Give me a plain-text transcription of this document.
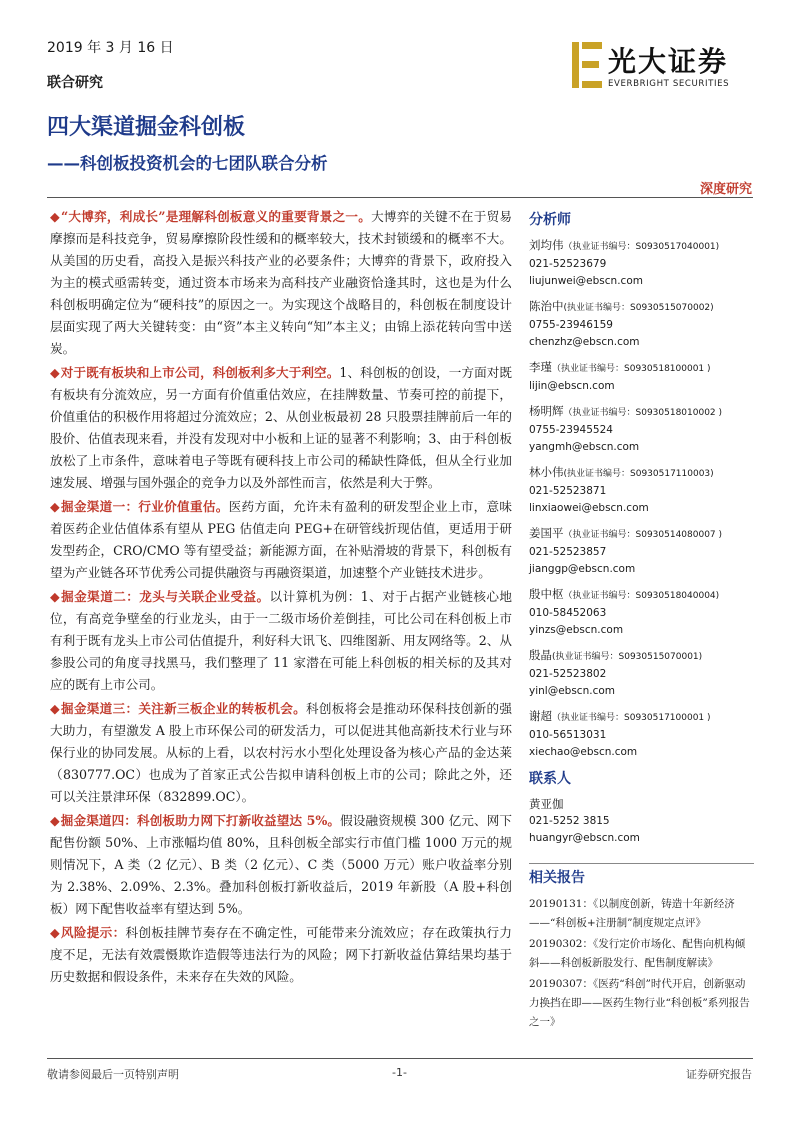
2019 年 3 月 16 日
联合研究
光大证券
EVERBRIGHT SECURITIES
四大渠道掘金科创板
——科创板投资机会的七团队联合分析
深度研究

◆“大博弈，利成长”是理解科创板意义的重要背景之一。大博弈的关键不在于贸易摩擦而是科技竞争，贸易摩擦阶段性缓和的概率较大，技术封锁缓和的概率不大。从美国的历史看，高投入是振兴科技产业的必要条件；大博弈的背景下，政府投入为主的模式亟需转变，通过资本市场来为高科技产业融资恰逢其时，这也是为什么科创板明确定位为“硬科技”的原因之一。为实现这个战略目的，科创板在制度设计层面实现了两大关键转变：由“资”本主义转向“知”本主义；由锦上添花转向雪中送炭。

◆对于既有板块和上市公司，科创板利多大于利空。1、科创板的创设，一方面对既有板块有分流效应，另一方面有价值重估效应，在挂牌数量、节奏可控的前提下，价值重估的积极作用将超过分流效应；2、从创业板最初 28 只股票挂牌前后一年的股价、估值表现来看，并没有发现对中小板和上证的显著不利影响；3、由于科创板放松了上市条件，意味着电子等既有硬科技上市公司的稀缺性降低，但从全行业加速发展、增强与国外强企的竞争力以及外部性而言，依然是利大于弊。

◆掘金渠道一：行业价值重估。医药方面，允许未有盈利的研发型企业上市，意味着医药企业估值体系有望从 PEG 估值走向 PEG+在研管线折现估值，更适用于研发型药企，CRO/CMO 等有望受益；新能源方面，在补贴滑坡的背景下，科创板有望为产业链各环节优秀公司提供融资与再融资渠道，加速整个产业链技术进步。

◆掘金渠道二：龙头与关联企业受益。以计算机为例：1、对于占据产业链核心地位，有高竞争壁垒的行业龙头，由于一二级市场价差倒挂，可比公司在科创板上市有利于既有龙头上市公司估值提升，利好科大讯飞、四维图新、用友网络等。2、从参股公司的角度寻找黑马，我们整理了 11 家潜在可能上科创板的相关标的及其对应的既有上市公司。

◆掘金渠道三：关注新三板企业的转板机会。科创板将会是推动环保科技创新的强大助力，有望激发 A 股上市环保公司的研发活力，可以促进其他高新技术行业与环保行业的协同发展。从标的上看，以农村污水小型化处理设备为核心产品的金达莱（830777.OC）也成为了首家正式公告拟申请科创板上市的公司；除此之外，还可以关注景津环保（832899.OC）。

◆掘金渠道四：科创板助力网下打新收益望达 5%。假设融资规模 300 亿元、网下配售份额 50%、上市涨幅均值 80%，且科创板全部实行市值门槛 1000 万元的规则情况下，A 类（2 亿元）、B 类（2 亿元）、C 类（5000 万元）账户收益率分别为 2.38%、2.09%、2.3%。叠加科创板打新收益后，2019 年新股（A 股+科创板）网下配售收益率有望达到 5%。

◆风险提示：科创板挂牌节奏存在不确定性，可能带来分流效应；存在政策执行力度不足，无法有效震慑欺诈造假等违法行为的风险；网下打新收益估算结果均基于历史数据和假设条件，未来存在失效的风险。

分析师
刘均伟（执业证书编号：S0930517040001)
021-52523679
liujunwei@ebscn.com
陈治中(执业证书编号：S0930515070002)
0755-23946159
chenzhz@ebscn.com
李瑾（执业证书编号：S0930518100001 )
lijin@ebscn.com
杨明辉（执业证书编号：S0930518010002 )
0755-23945524
yangmh@ebscn.com
林小伟(执业证书编号：S0930517110003)
021-52523871
linxiaowei@ebscn.com
姜国平（执业证书编号：S0930514080007 )
021-52523857
jianggp@ebscn.com
殷中枢（执业证书编号：S0930518040004)
010-58452063
yinzs@ebscn.com
殷晶(执业证书编号：S0930515070001)
021-52523802
yinl@ebscn.com
谢超（执业证书编号：S0930517100001 )
010-56513031
xiechao@ebscn.com
联系人
黄亚伽
021-5252 3815
huangyr@ebscn.com
相关报告
20190131：《以制度创新，铸造十年新经济——“科创板+注册制”制度规定点评》
20190302：《发行定价市场化、配售向机构倾斜——科创板新股发行、配售制度解读》
20190307：《医药“科创”时代开启，创新驱动力换挡在即——医药生物行业“科创板”系列报告之一》
敬请参阅最后一页特别声明	-1-	证券研究报告
